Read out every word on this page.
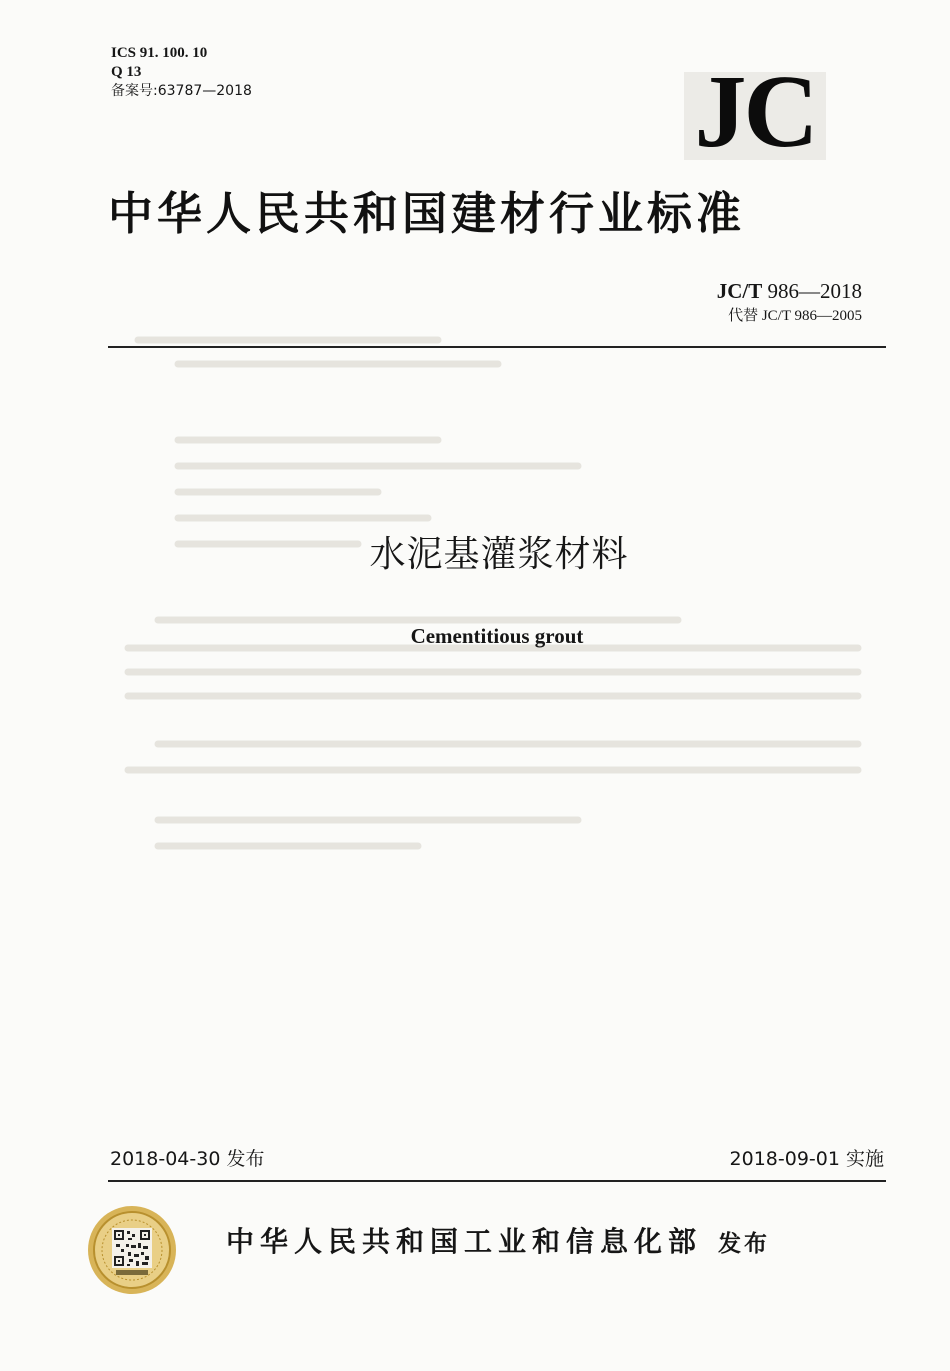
ICS 91. 100. 10
Q 13
备案号:63787—2018	JC
中华人民共和国建材行业标准
JC/T 986—2018
代替 JC/T 986—2005
水泥基灌浆材料
Cementitious grout
2018-04-30 发布	2018-09-01 实施
中华人民共和国工业和信息化部 发布
